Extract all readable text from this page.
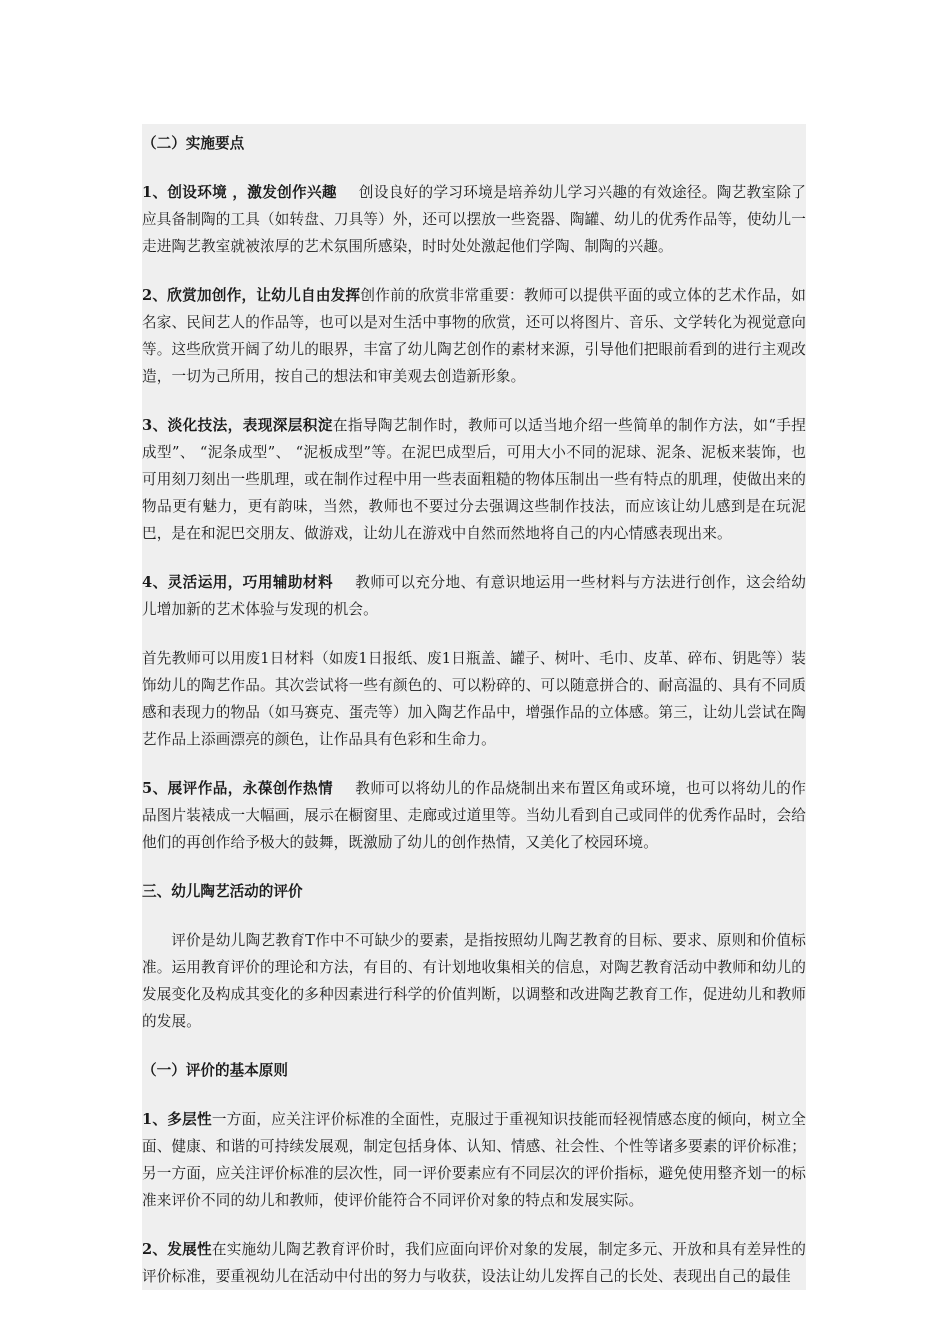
（二）实施要点

1、创设环境 ，激发创作兴趣 创设良好的学习环境是培养幼儿学习兴趣的有效途径。陶艺教室除了应具备制陶的工具（如转盘、刀具等）外，还可以摆放一些瓷器、陶罐、幼儿的优秀作品等，使幼儿一走进陶艺教室就被浓厚的艺术氛围所感染，时时处处激起他们学陶、制陶的兴趣。

2、欣赏加创作，让幼儿自由发挥创作前的欣赏非常重要：教师可以提供平面的或立体的艺术作品，如名家、民间艺人的作品等，也可以是对生活中事物的欣赏，还可以将图片、音乐、文学转化为视觉意向等。这些欣赏开阔了幼儿的眼界，丰富了幼儿陶艺创作的素材来源，引导他们把眼前看到的进行主观改造，一切为己所用，按自己的想法和审美观去创造新形象。

3、淡化技法，表现深层积淀在指导陶艺制作时，教师可以适当地介绍一些简单的制作方法，如“手捏成型”、 “泥条成型”、 “泥板成型”等。在泥巴成型后，可用大小不同的泥球、泥条、泥板来装饰，也可用刻刀刻出一些肌理，或在制作过程中用一些表面粗糙的物体压制出一些有特点的肌理，使做出来的物品更有魅力，更有韵味，当然，教师也不要过分去强调这些制作技法，而应该让幼儿感到是在玩泥巴，是在和泥巴交朋友、做游戏，让幼儿在游戏中自然而然地将自己的内心情感表现出来。

4、灵活运用，巧用辅助材料 教师可以充分地、有意识地运用一些材料与方法进行创作，这会给幼儿增加新的艺术体验与发现的机会。

首先教师可以用废1日材料（如废1日报纸、废1日瓶盖、罐子、树叶、毛巾、皮革、碎布、钥匙等）装饰幼儿的陶艺作品。其次尝试将一些有颜色的、可以粉碎的、可以随意拼合的、耐高温的、具有不同质感和表现力的物品（如马赛克、蛋壳等）加入陶艺作品中，增强作品的立体感。第三，让幼儿尝试在陶艺作品上添画漂亮的颜色，让作品具有色彩和生命力。

5、展评作品，永葆创作热情 教师可以将幼儿的作品烧制出来布置区角或环境，也可以将幼儿的作品图片装裱成一大幅画，展示在橱窗里、走廊或过道里等。当幼儿看到自己或同伴的优秀作品时，会给他们的再创作给予极大的鼓舞，既激励了幼儿的创作热情，又美化了校园环境。

三、幼儿陶艺活动的评价

评价是幼儿陶艺教育T作中不可缺少的要素，是指按照幼儿陶艺教育的目标、要求、原则和价值标准。运用教育评价的理论和方法，有目的、有计划地收集相关的信息，对陶艺教育活动中教师和幼儿的发展变化及构成其变化的多种因素进行科学的价值判断，以调整和改进陶艺教育工作，促进幼儿和教师的发展。

（一）评价的基本原则

1、多层性一方面，应关注评价标准的全面性，克服过于重视知识技能而轻视情感态度的倾向，树立全面、健康、和谐的可持续发展观，制定包括身体、认知、情感、社会性、个性等诸多要素的评价标准；另一方面，应关注评价标准的层次性，同一评价要素应有不同层次的评价指标，避免使用整齐划一的标准来评价不同的幼儿和教师，使评价能符合不同评价对象的特点和发展实际。

2、发展性在实施幼儿陶艺教育评价时，我们应面向评价对象的发展，制定多元、开放和具有差异性的评价标准，要重视幼儿在活动中付出的努力与收获，设法让幼儿发挥自己的长处、表现出自己的最佳
